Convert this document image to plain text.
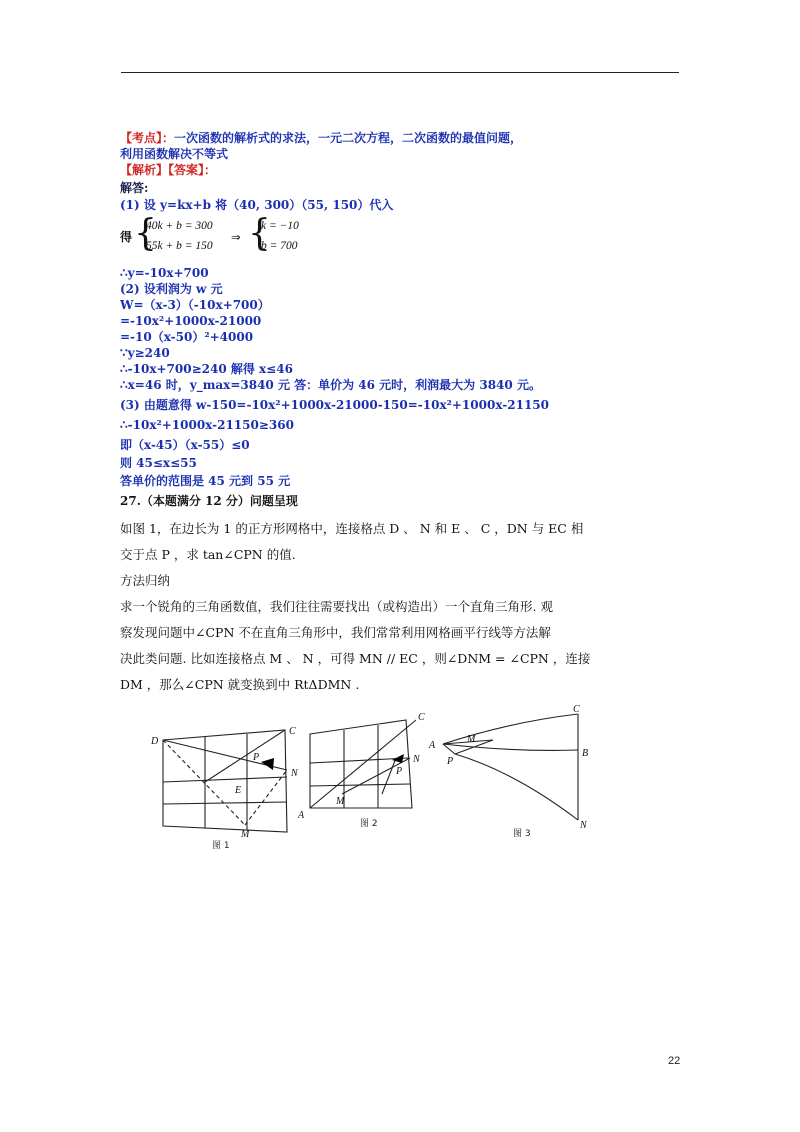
【考点】：一次函数的解析式的求法，一元二次方程，二次函数的最值问题，
利用函数解决不等式
【解析】【答案】：
解答:
(1) 设 y=kx+b 将（40, 300）（55, 150）代入
得 {
40k + b = 300
55k + b = 150
⇒ {
k = −10
b = 700
∴y=-10x+700
(2) 设利润为 w 元
W=（x-3）（-10x+700）
=-10x²+1000x-21000
=-10（x-50）²+4000
∵y≥240
∴-10x+700≥240 解得 x≤46
∴x=46 时，y_max=3840 元 答：单价为 46 元时，利润最大为 3840 元。
(3) 由题意得 w-150=-10x²+1000x-21000-150=-10x²+1000x-21150
∴-10x²+1000x-21150≥360
即（x-45）（x-55）≤0
则 45≤x≤55
答单价的范围是 45 元到 55 元
27.（本题满分 12 分）问题呈现
如图 1，在边长为 1 的正方形网格中，连接格点 D 、 N 和 E 、 C ，DN 与 EC 相
交于点 P ，求 tan∠CPN 的值.
方法归纳
求一个锐角的三角函数值，我们往往需要找出（或构造出）一个直角三角形. 观
察发现问题中∠CPN 不在直角三角形中，我们常常利用网格画平行线等方法解
决此类问题. 比如连接格点 M 、 N ，可得 MN // EC ，则∠DNM = ∠CPN ，连接
DM ，那么∠CPN 就变换到中 RtΔDMN .
D
C
P
N
E
M
图 1
C
P
N
A
M
图 2
C
A
M
P
B
N
图 3
22
